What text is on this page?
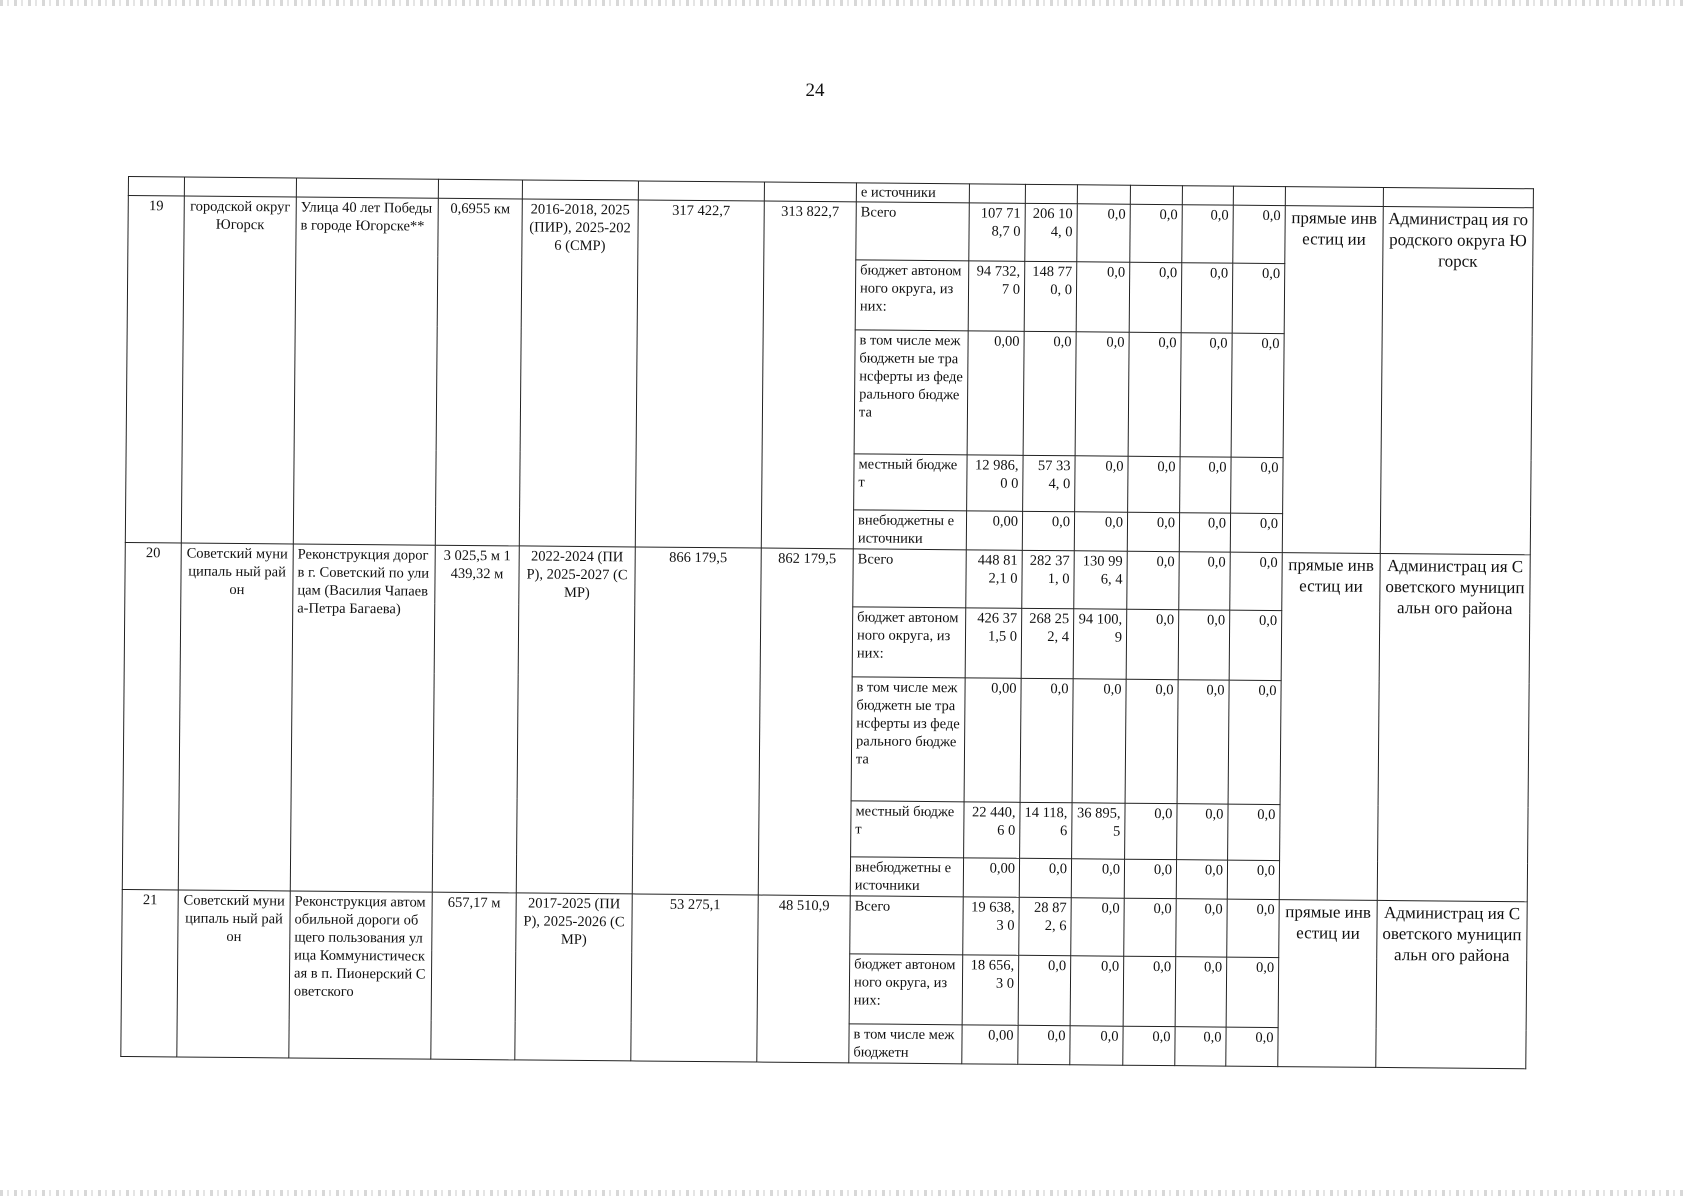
24
							е источники								
19	городской округ Югорск	Улица 40 лет Победы в городе Югорске**	0,6955 км	2016-2018, 2025 (ПИР), 2025-2026 (СМР)	317 422,7	313 822,7	Всего	107 718,7 0	206 104, 0	0,0	0,0	0,0	0,0	прямые инвестиц ии	Администрац ия городского округа Югорск
							бюджет автономного округа, из них:	94 732,7 0	148 770, 0	0,0	0,0	0,0	0,0		
							в том числе межбюджетн ые трансферты из федерального бюджета	0,00	0,0	0,0	0,0	0,0	0,0		
							местный бюджет	12 986,0 0	57 334, 0	0,0	0,0	0,0	0,0		
							внебюджетны е источники	0,00	0,0	0,0	0,0	0,0	0,0		
20	Советский муниципаль ный район	Реконструкция дорог в г. Советский по улицам (Василия Чапаева-Петра Багаева)	3 025,5 м 1 439,32 м	2022-2024 (ПИР), 2025-2027 (СМР)	866 179,5	862 179,5	Всего	448 812,1 0	282 371, 0	130 996, 4	0,0	0,0	0,0	прямые инвестиц ии	Администрац ия Советского муниципальн ого района
							бюджет автономного округа, из них:	426 371,5 0	268 252, 4	94 100, 9	0,0	0,0	0,0		
							в том числе межбюджетн ые трансферты из федерального бюджета	0,00	0,0	0,0	0,0	0,0	0,0		
							местный бюджет	22 440,6 0	14 118, 6	36 895, 5	0,0	0,0	0,0		
							внебюджетны е источники	0,00	0,0	0,0	0,0	0,0	0,0		
21	Советский муниципаль ный район	Реконструкция автомобильной дороги общего пользования улица Коммунистическ ая в п. Пионерский Советского	657,17 м	2017-2025 (ПИР), 2025-2026 (СМР)	53 275,1	48 510,9	Всего	19 638,3 0	28 872, 6	0,0	0,0	0,0	0,0	прямые инвестиц ии	Администрац ия Советского муниципальн ого района
							бюджет автономного округа, из них:	18 656,3 0	0,0	0,0	0,0	0,0	0,0		
							в том числе межбюджетн	0,00	0,0	0,0	0,0	0,0	0,0		
